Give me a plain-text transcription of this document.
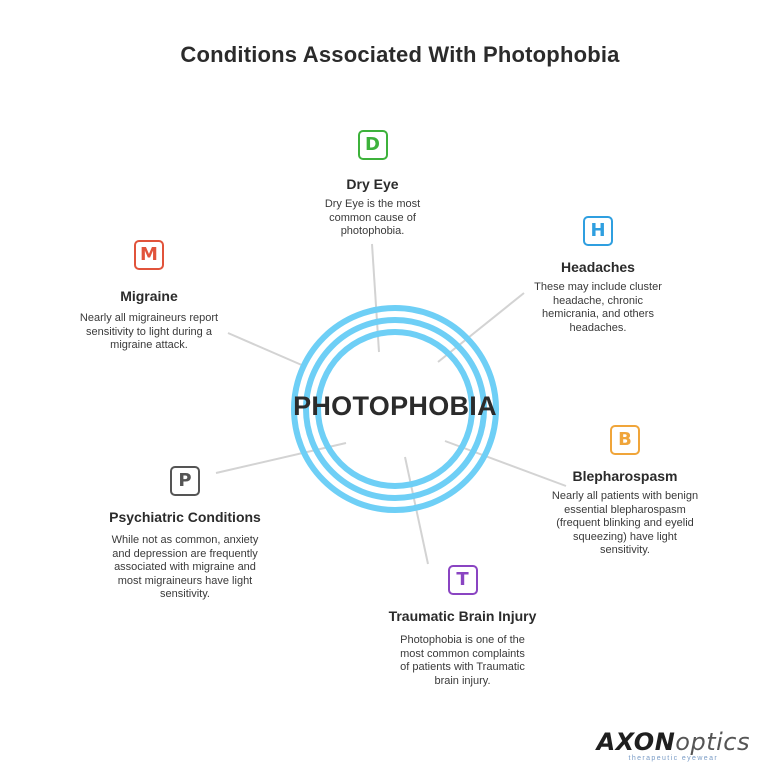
Conditions Associated With Photophobia
PHOTOPHOBIA
D
Dry Eye
Dry Eye is the most common cause of photophobia.	H
Headaches
These may include cluster headache, chronic hemicrania, and others headaches.
M
Migraine
Nearly all migraineurs report sensitivity to light during a migraine attack.
B
Blepharospasm
Nearly all patients with benign essential blepharospasm (frequent blinking and eyelid squeezing) have light sensitivity.
P
Psychiatric Conditions
While not as common, anxiety and depression are frequently associated with migraine and most migraineurs have light sensitivity.
T
Traumatic Brain Injury
Photophobia is one of the most common complaints of patients with Traumatic brain injury.
AXONoptics
therapeutic eyewear
